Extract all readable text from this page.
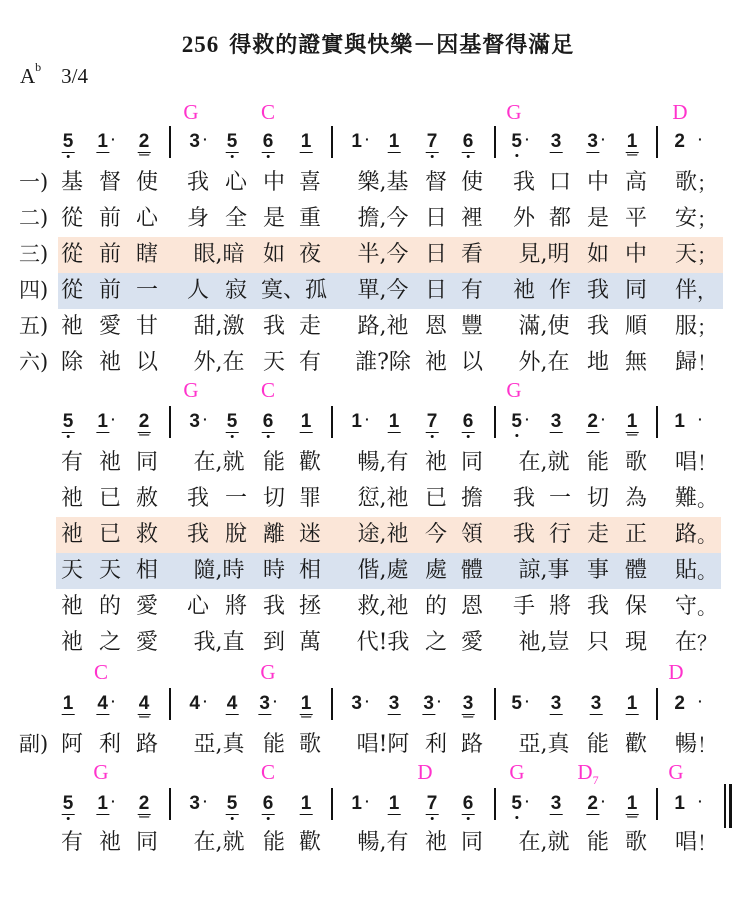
256 得救的證實與快樂－因基督得滿足
$A^b$ 3/4
G	C	G	D
5 1 · 2 3 · 5 6 1 1 · 1 7 6 5 · 3 3 · 1 2 ·
一) 基 督 使 我 心 中 喜 樂,基 督 使 我 口 中 高 歌 ；
二) 從 前 心 身 全 是 重 擔,今 日 裡 外 都 是 平 安 ；
三) 從 前 瞎 眼,暗 如 夜 半,今 日 看 見,明 如 中 天 ；
四) 從 前 一 人 寂 寞、孤 單,今 日 有 祂 作 我 同 伴 ，
五) 祂 愛 甘 甜,激 我 走 路,祂 恩 豐 滿,使 我 順 服 ；
六) 除 祂 以 外,在 天 有 誰?除 祂 以 外,在 地 無 歸 ！
G	C	G
5 1 · 2 3 · 5 6 1 1 · 1 7 6 5 · 3 2 · 1 1 ·
有 祂 同 在,就 能 歡 暢,有 祂 同 在,就 能 歌 唱 ！
祂 已 赦 我 一 切 罪 愆,祂 已 擔 我 一 切 為 難 。
祂 已 救 我 脫 離 迷 途,祂 今 領 我 行 走 正 路 。
天 天 相 隨,時 時 相 偕,處 處 體 諒,事 事 體 貼 。
祂 的 愛 心 將 我 拯 救,祂 的 恩 手 將 我 保 守 。
祂 之 愛 我,直 到 萬 代!我 之 愛 祂,豈 只 現 在 ？
C	G	D
1 4 · 4 4 · 4 3 · 1 3 · 3 3 · 3 5 · 3 3 1 2 ·
副) 阿 利 路 亞,真 能 歌 唱!阿 利 路 亞,真 能 歡 暢 ！
G	C	D	G	$D_7$	G
5 1 · 2 3 · 5 6 1 1 · 1 7 6 5 · 3 2 · 1 1 ·
有 祂 同 在,就 能 歡 暢,有 祂 同 在,就 能 歌 唱 ！
